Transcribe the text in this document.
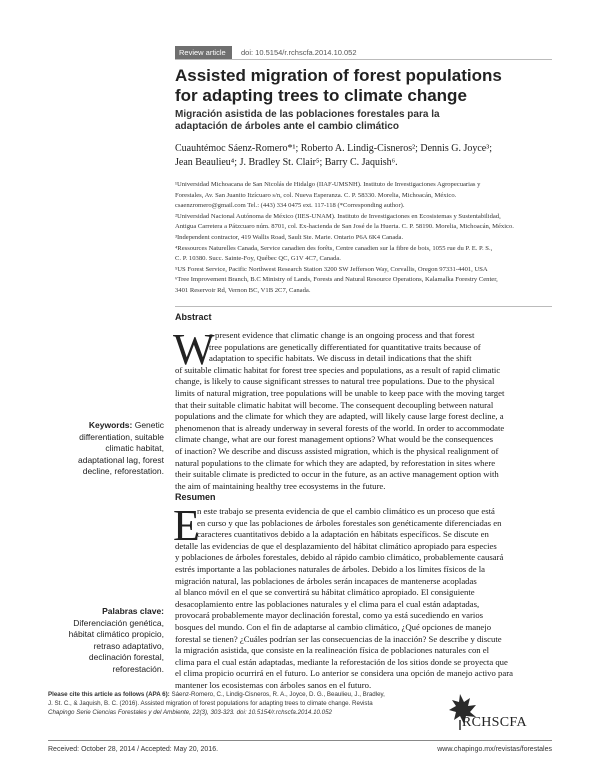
Review article	doi: 10.5154/r.rchscfa.2014.10.052
Assisted migration of forest populations
for adapting trees to climate change
Migración asistida de las poblaciones forestales para la
adaptación de árboles ante el cambio climático
Cuauhtémoc Sáenz-Romero*¹; Roberto A. Lindig-Cisneros²; Dennis G. Joyce³;
Jean Beaulieu⁴; J. Bradley St. Clair⁵; Barry C. Jaquish⁶.
¹Universidad Michoacana de San Nicolás de Hidalgo (IIAF-UMSNH). Instituto de Investigaciones Agropecuarias y
Forestales, Av. San Juanito Itzícuaro s/n, col. Nueva Esperanza. C. P. 58330. Morelia, Michoacán, México.
csaenzromero@gmail.com Tel.: (443) 334 0475 ext. 117-118 (*Corresponding author).
²Universidad Nacional Autónoma de México (IIES-UNAM). Instituto de Investigaciones en Ecosistemas y Sustentabilidad,
Antigua Carretera a Pátzcuaro núm. 8701, col. Ex-hacienda de San José de la Huerta. C. P. 58190. Morelia, Michoacán, México.
³Independent contractor, 419 Wallis Road, Sault Ste. Marie. Ontario P6A 6K4 Canada.
⁴Ressources Naturelles Canada, Service canadien des forêts, Centre canadien sur la fibre de bois, 1055 rue du P. E. P. S.,
C. P. 10380. Succ. Sainte-Foy, Québec QC, G1V 4C7, Canada.
⁵US Forest Service, Pacific Northwest Research Station 3200 SW Jefferson Way, Corvallis, Oregon 97331-4401, USA
⁶Tree Improvement Branch, B.C Ministry of Lands, Forests and Natural Resource Operations, Kalamalka Forestry Center,
3401 Reservoir Rd, Vernon BC, V1B 2C7, Canada.
Abstract
W
e present evidence that climatic change is an ongoing process and that forest
tree populations are genetically differentiated for quantitative traits because of
adaptation to specific habitats. We discuss in detail indications that the shift
of suitable climatic habitat for forest tree species and populations, as a result of rapid climatic
change, is likely to cause significant stresses to natural tree populations. Due to the physical
limits of natural migration, tree populations will be unable to keep pace with the moving target
that their suitable climatic habitat will become. The consequent decoupling between natural
populations and the climate for which they are adapted, will likely cause large forest decline, a
phenomenon that is already underway in several forests of the world. In order to accommodate
climate change, what are our forest management options? What would be the consequences
of inaction? We describe and discuss assisted migration, which is the physical realignment of
natural populations to the climate for which they are adapted, by reforestation in sites where
their suitable climate is predicted to occur in the future, as an active management option with
the aim of maintaining healthy tree ecosystems in the future.
Keywords: Genetic
differentiation, suitable
climatic habitat,
adaptational lag, forest
decline, reforestation.
Resumen
E
n este trabajo se presenta evidencia de que el cambio climático es un proceso que está
en curso y que las poblaciones de árboles forestales son genéticamente diferenciadas en
caracteres cuantitativos debido a la adaptación en hábitats específicos. Se discute en
detalle las evidencias de que el desplazamiento del hábitat climático apropiado para especies
y poblaciones de árboles forestales, debido al rápido cambio climático, probablemente causará
estrés importante a las poblaciones naturales de árboles. Debido a los límites físicos de la
migración natural, las poblaciones de árboles serán incapaces de mantenerse acopladas
al blanco móvil en el que se convertirá su hábitat climático apropiado. El consiguiente
desacoplamiento entre las poblaciones naturales y el clima para el cual están adaptadas,
provocará probablemente mayor declinación forestal, como ya está sucediendo en varios
bosques del mundo. Con el fin de adaptarse al cambio climático, ¿Qué opciones de manejo
forestal se tienen? ¿Cuáles podrían ser las consecuencias de la inacción? Se describe y discute
la migración asistida, que consiste en la realineación física de poblaciones naturales con el
clima para el cual están adaptadas, mediante la reforestación de los sitios donde se proyecta que
el clima propicio ocurrirá en el futuro. Lo anterior se considera una opción de manejo activo para
mantener los ecosistemas con árboles sanos en el futuro.
Palabras clave:
Diferenciación genética,
hábitat climático propicio,
retraso adaptativo,
declinación forestal,
reforestación.
Please cite this article as follows (APA 6): Sáenz-Romero, C., Lindig-Cisneros, R. A., Joyce, D. G., Beaulieu, J., Bradley,
J. St. C., & Jaquish, B. C. (2016). Assisted migration of forest populations for adapting trees to climate change. Revista
Chapingo Serie Ciencias Forestales y del Ambiente, 22(3), 303-323. doi: 10.5154/r.rchscfa.2014.10.052
RCHSCFA
Received: October 28, 2014 / Accepted: May 20, 2016.	www.chapingo.mx/revistas/forestales
